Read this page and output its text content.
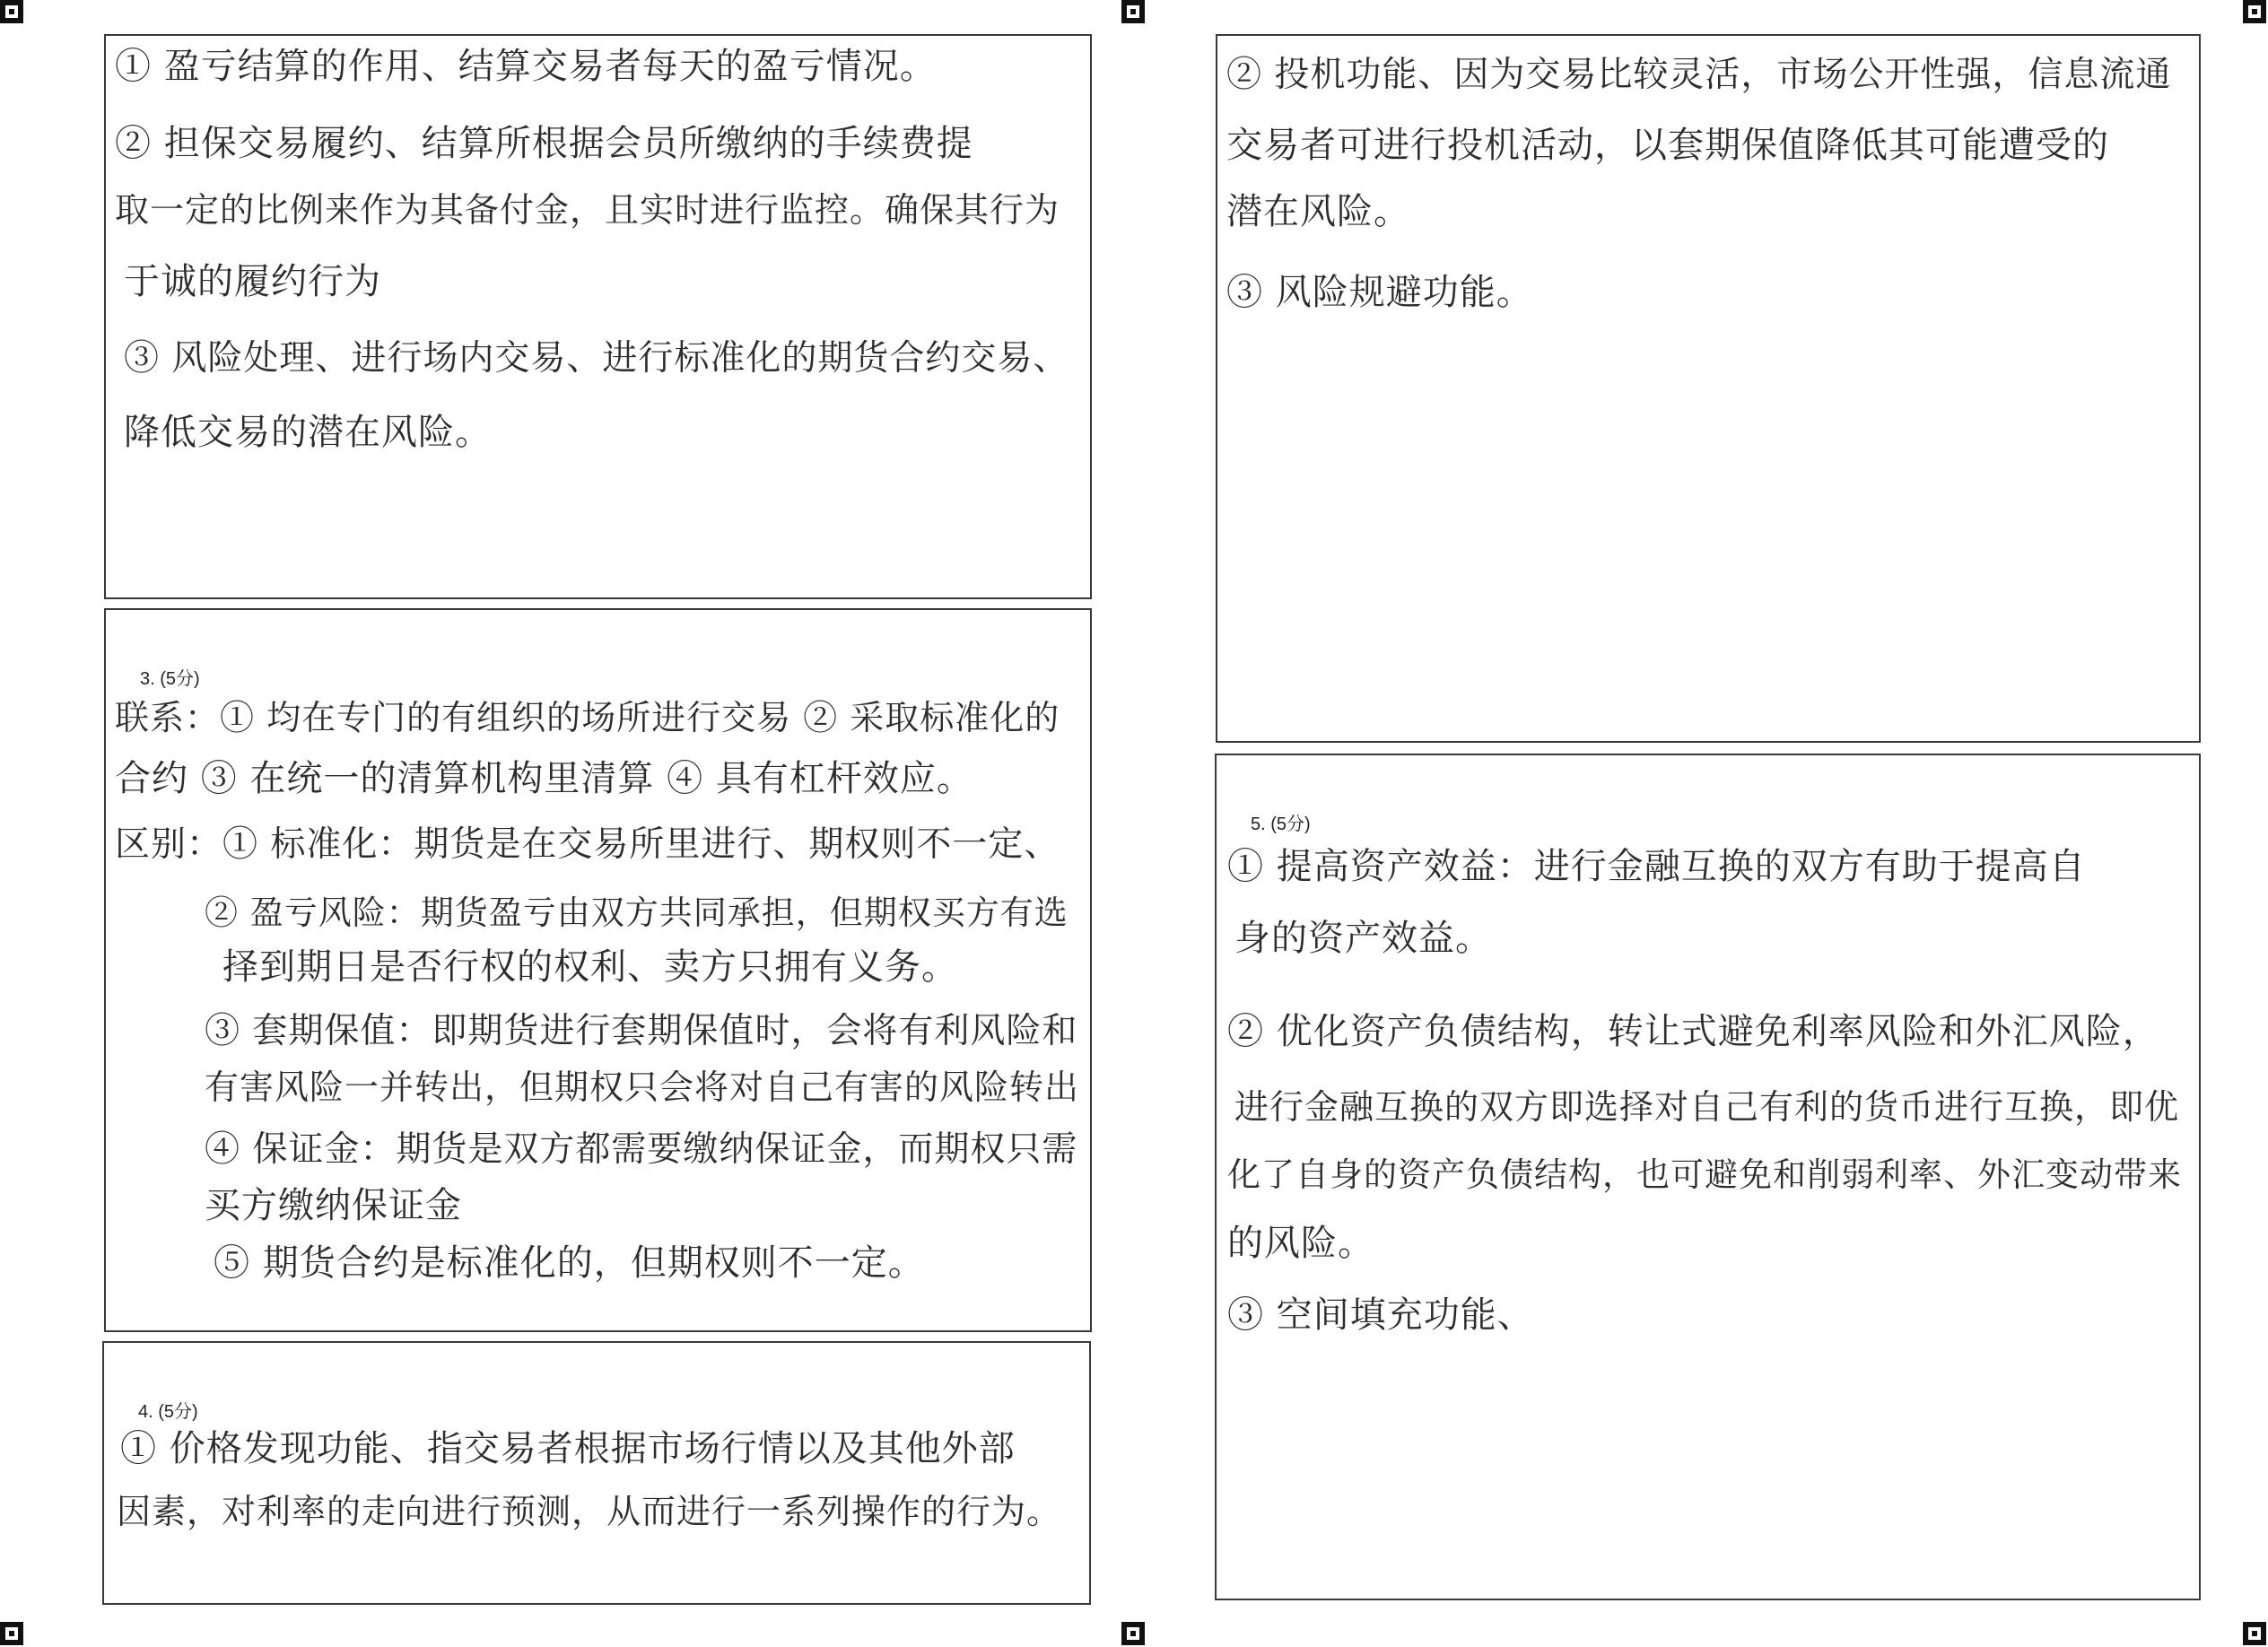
① 盈亏结算的作用、结算交易者每天的盈亏情况。
② 担保交易履约、结算所根据会员所缴纳的手续费提
取一定的比例来作为其备付金，且实时进行监控。确保其行为
于诚的履约行为
③ 风险处理、进行场内交易、进行标准化的期货合约交易、
降低交易的潜在风险。
3. (5分)
联系：① 均在专门的有组织的场所进行交易 ② 采取标准化的
合约 ③ 在统一的清算机构里清算 ④ 具有杠杆效应。
区别：① 标准化：期货是在交易所里进行、期权则不一定、
② 盈亏风险：期货盈亏由双方共同承担，但期权买方有选
择到期日是否行权的权利、卖方只拥有义务。
③ 套期保值：即期货进行套期保值时，会将有利风险和
有害风险一并转出，但期权只会将对自己有害的风险转出
④ 保证金：期货是双方都需要缴纳保证金，而期权只需
买方缴纳保证金
⑤ 期货合约是标准化的，但期权则不一定。
4. (5分)
① 价格发现功能、指交易者根据市场行情以及其他外部
因素，对利率的走向进行预测，从而进行一系列操作的行为。
② 投机功能、因为交易比较灵活，市场公开性强，信息流通
交易者可进行投机活动，以套期保值降低其可能遭受的
潜在风险。
③ 风险规避功能。
5. (5分)
① 提高资产效益：进行金融互换的双方有助于提高自
身的资产效益。
② 优化资产负债结构，转让式避免利率风险和外汇风险，
进行金融互换的双方即选择对自己有利的货币进行互换，即优
化了自身的资产负债结构，也可避免和削弱利率、外汇变动带来
的风险。
③ 空间填充功能、
